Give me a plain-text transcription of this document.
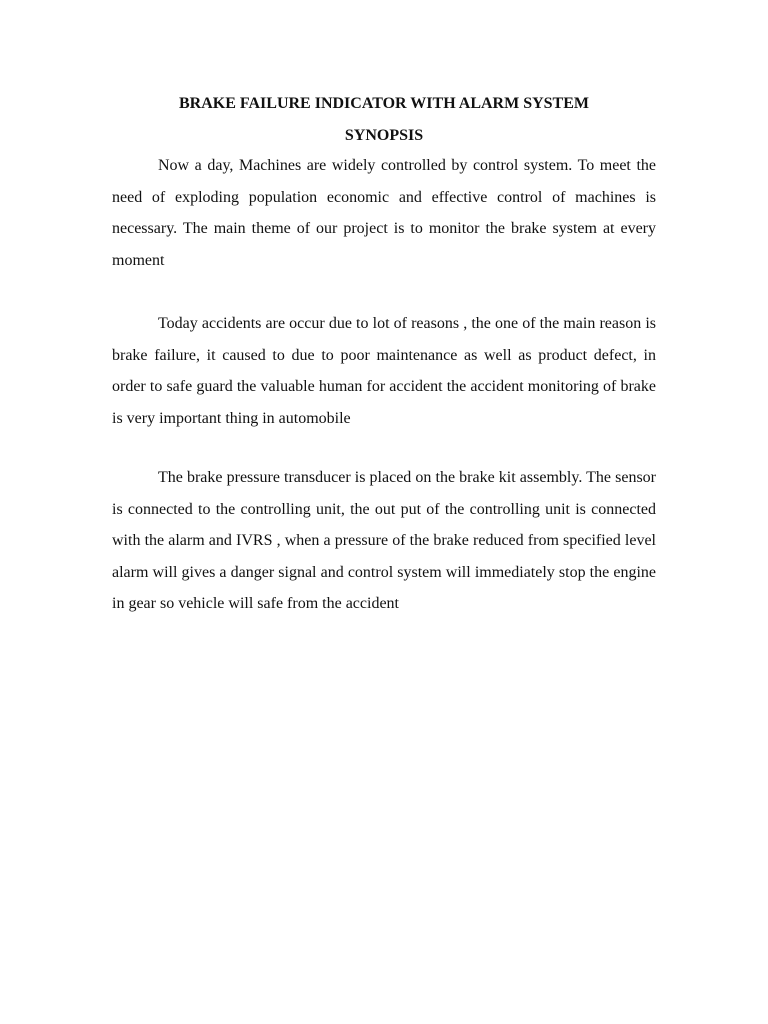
BRAKE FAILURE INDICATOR WITH ALARM SYSTEM
SYNOPSIS

Now a day, Machines are widely controlled by control system. To meet the need of exploding population economic and effective control of machines is necessary. The main theme of our project is to monitor the brake system at every moment

Today accidents are occur due to lot of reasons , the one of the main reason is brake failure, it caused to due to poor maintenance as well as product defect, in order to safe guard the valuable human for accident the accident monitoring of brake is very important thing in automobile

The brake pressure transducer is placed on the brake kit assembly. The sensor is connected to the controlling unit, the out put of the controlling unit is connected with the alarm and IVRS , when a pressure of the brake reduced from specified level alarm will gives a danger signal and control system will immediately stop the engine in gear so vehicle will safe from the accident
